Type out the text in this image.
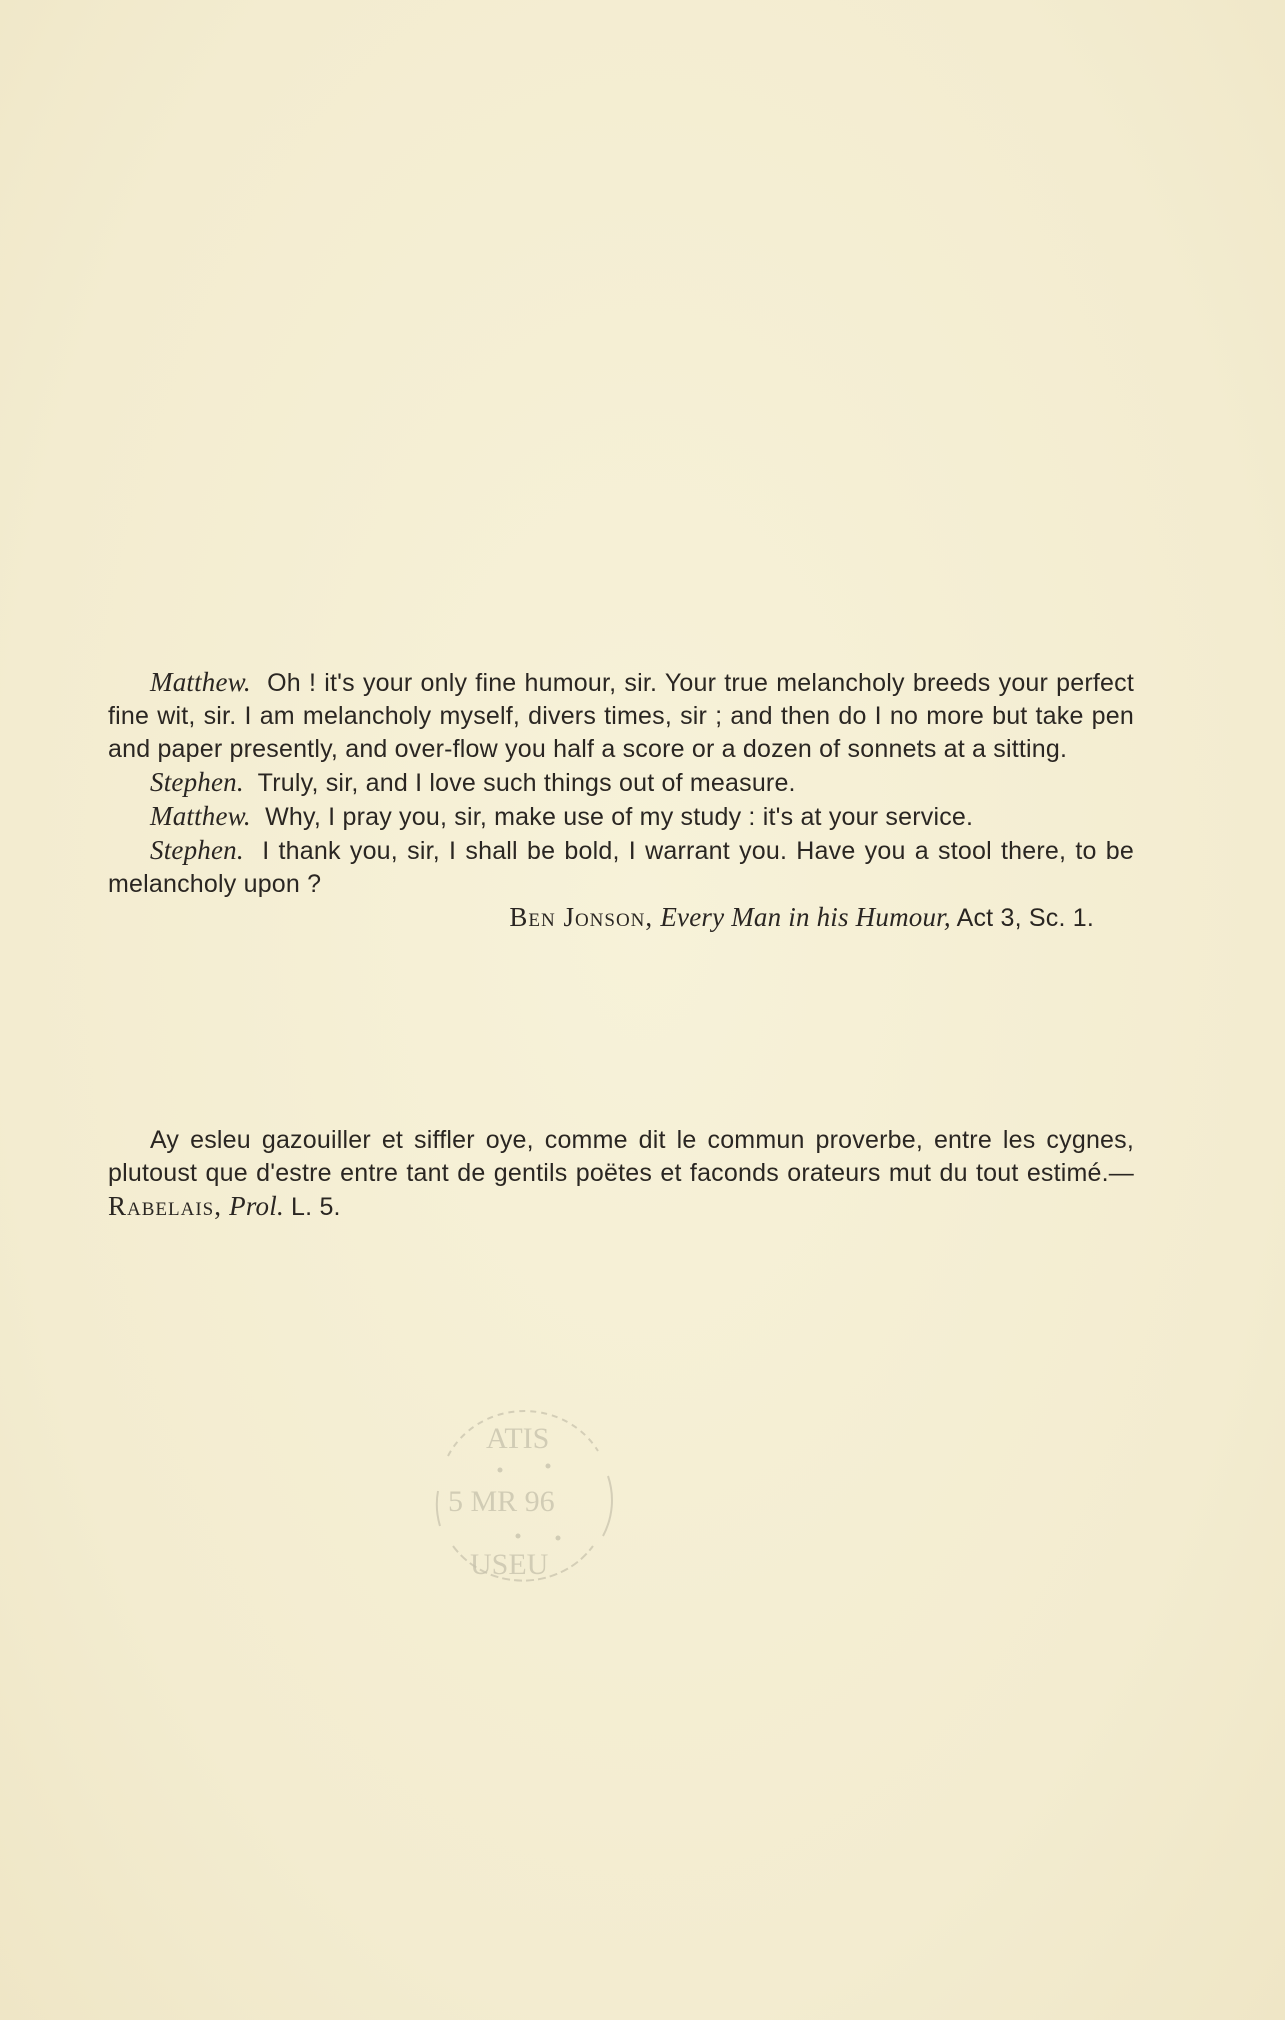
Matthew. Oh ! it's your only fine humour, sir. Your true melancholy breeds your perfect fine wit, sir. I am melancholy myself, divers times, sir ; and then do I no more but take pen and paper presently, and over-flow you half a score or a dozen of sonnets at a sitting.

Stephen. Truly, sir, and I love such things out of measure.

Matthew. Why, I pray you, sir, make use of my study : it's at your service.

Stephen. I thank you, sir, I shall be bold, I warrant you. Have you a stool there, to be melancholy upon ?

Ben Jonson, Every Man in his Humour, Act 3, Sc. 1.

Ay esleu gazouiller et siffler oye, comme dit le commun proverbe, entre les cygnes, plutoust que d'estre entre tant de gentils poëtes et faconds orateurs mut du tout estimé.—Rabelais, Prol. L. 5.

ATIS
5 MR 96
USEU
